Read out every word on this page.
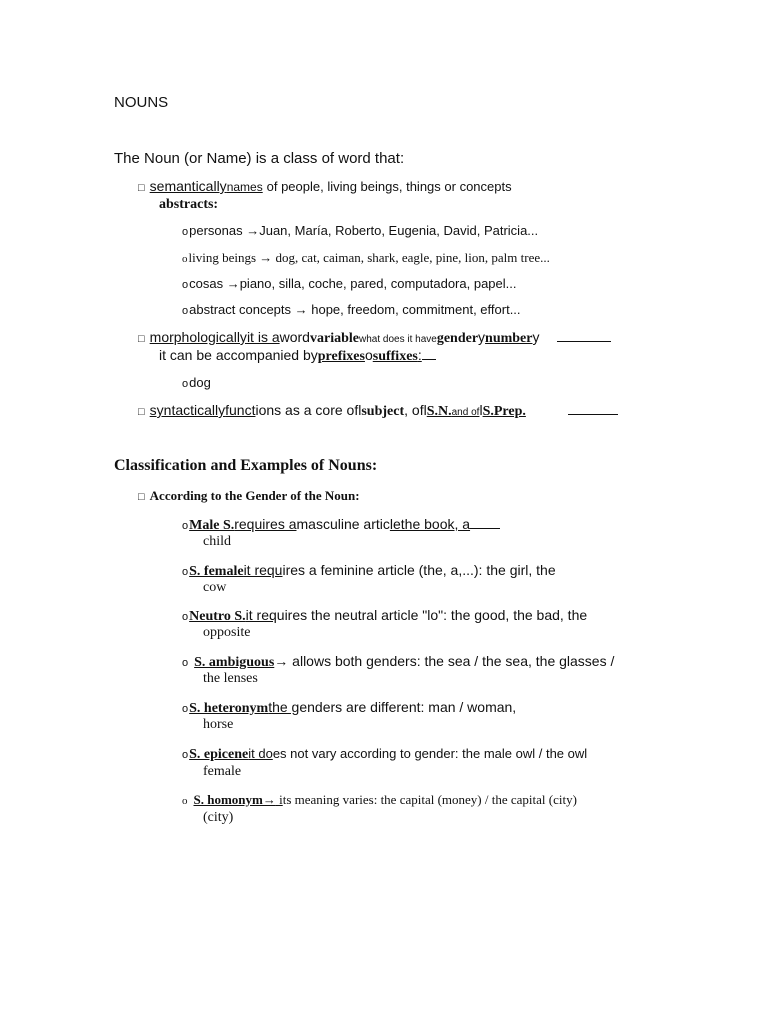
NOUNS
The Noun (or Name) is a class of word that:
□ semanticallynames of people, living beings, things or concepts
abstracts:
opersonas →Juan, María, Roberto, Eugenia, David, Patricia...
oliving beings → dog, cat, caiman, shark, eagle, pine, lion, palm tree...
ocosas →piano, silla, coche, pared, computadora, papel...
oabstract concepts → hope, freedom, commitment, effort...
□ morphologicallyit is awordvariablewhat does it havegenderynumbery
it can be accompanied byprefixesosuffixes:
odog
□ syntacticallyfunctions as a core oflsubject, oflS.N.and oflS.Prep.
Classification and Examples of Nouns:
□ According to the Gender of the Noun:
oMale S.requires amasculine articlethe book, a
child
oS. femaleit requires a feminine article (the, a,...): the girl, the
cow
oNeutro S.it requires the neutral article "lo": the good, the bad, the
opposite
o S. ambiguous→ allows both genders: the sea / the sea, the glasses /
the lenses
oS. heteronymthe genders are different: man / woman,
horse
oS. epiceneit does not vary according to gender: the male owl / the owl
female
o S. homonym→ its meaning varies: the capital (money) / the capital (city)
(city)
